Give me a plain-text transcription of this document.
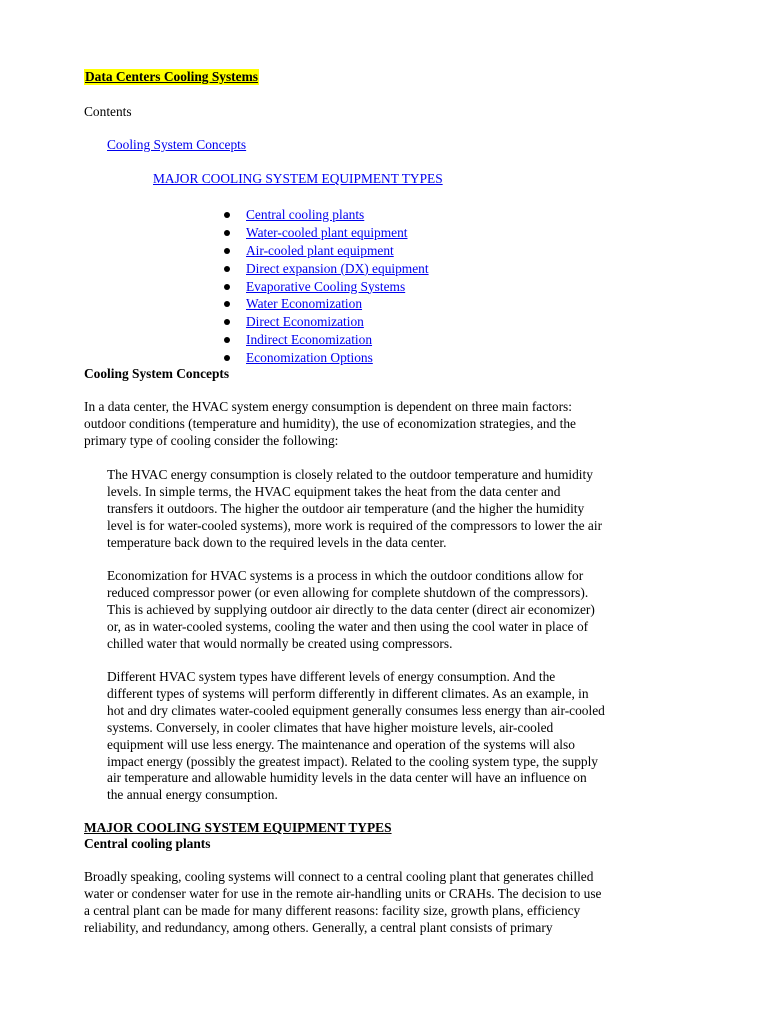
Data Centers Cooling Systems
Contents
Cooling System Concepts
MAJOR COOLING SYSTEM EQUIPMENT TYPES
Central cooling plants
Water-cooled plant equipment
Air-cooled plant equipment
Direct expansion (DX) equipment
Evaporative Cooling Systems
Water Economization
Direct Economization
Indirect Economization
Economization Options
Cooling System Concepts
In a data center, the HVAC system energy consumption is dependent on three main factors:
outdoor conditions (temperature and humidity), the use of economization strategies, and the
primary type of cooling consider the following:
The HVAC energy consumption is closely related to the outdoor temperature and humidity
levels. In simple terms, the HVAC equipment takes the heat from the data center and
transfers it outdoors. The higher the outdoor air temperature (and the higher the humidity
level is for water-cooled systems), more work is required of the compressors to lower the air
temperature back down to the required levels in the data center.
Economization for HVAC systems is a process in which the outdoor conditions allow for
reduced compressor power (or even allowing for complete shutdown of the compressors).
This is achieved by supplying outdoor air directly to the data center (direct air economizer)
or, as in water-cooled systems, cooling the water and then using the cool water in place of
chilled water that would normally be created using compressors.
Different HVAC system types have different levels of energy consumption. And the
different types of systems will perform differently in different climates. As an example, in
hot and dry climates water-cooled equipment generally consumes less energy than air-cooled
systems. Conversely, in cooler climates that have higher moisture levels, air-cooled
equipment will use less energy. The maintenance and operation of the systems will also
impact energy (possibly the greatest impact). Related to the cooling system type, the supply
air temperature and allowable humidity levels in the data center will have an influence on
the annual energy consumption.
MAJOR COOLING SYSTEM EQUIPMENT TYPES
Central cooling plants
Broadly speaking, cooling systems will connect to a central cooling plant that generates chilled
water or condenser water for use in the remote air-handling units or CRAHs. The decision to use
a central plant can be made for many different reasons: facility size, growth plans, efficiency
reliability, and redundancy, among others. Generally, a central plant consists of primary
